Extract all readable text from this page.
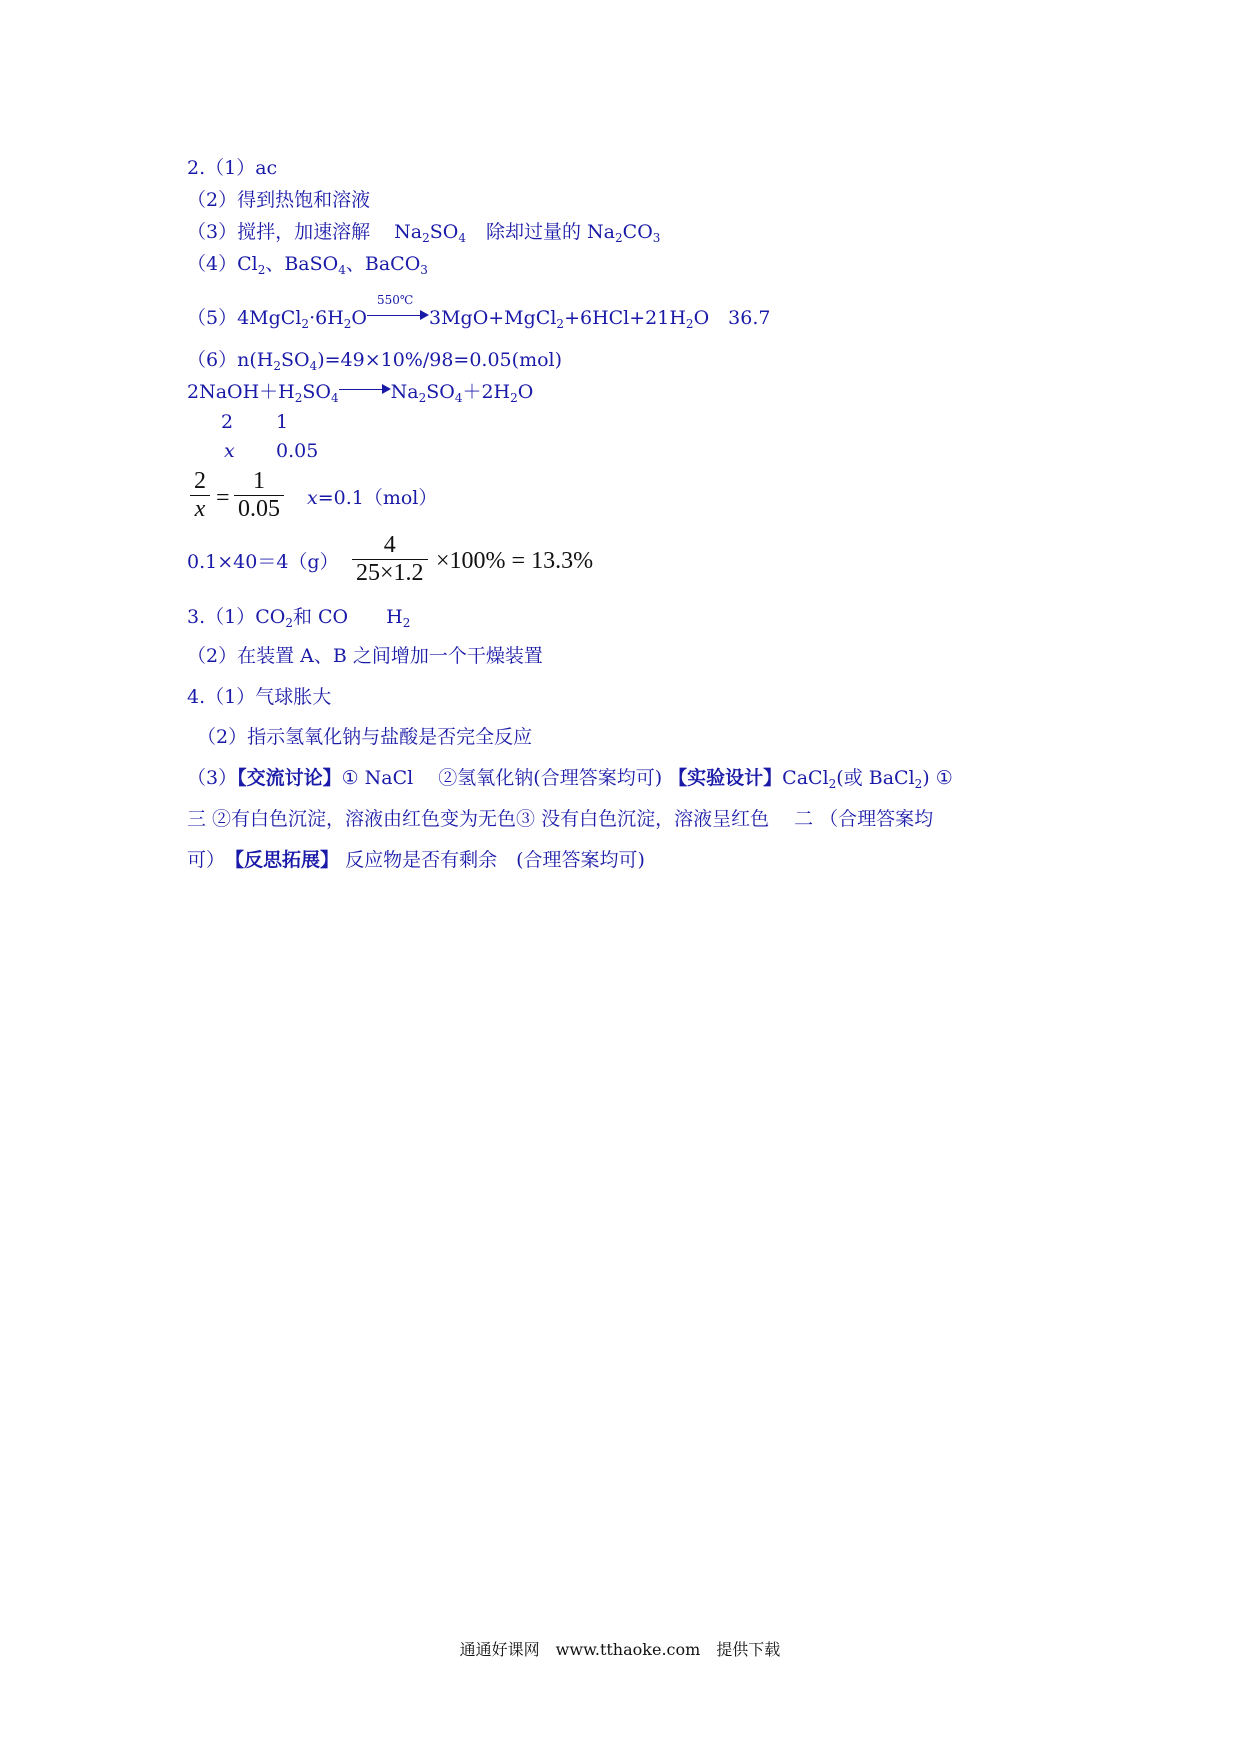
2.（1）ac
（2）得到热饱和溶液
（3）搅拌，加速溶解 $Na_2SO_4$ 除却过量的 $Na_2CO_3$
$(4)Cl_2$、BaSO$_4$、BaCO$_3$
$(5)4MgCl_2\cdot 6H_2O$
550℃
$3MgO+MgCl_2+6HCl+21H_2O$　36.7
$(6)n(H_2SO_4)=49\times 10\%/98=0.05(mol)$
$2NaOH+H_2SO_4$	$Na_2SO_4+2H_2O$
2 1
x 0.05
2
x =
1
0.05 x=0.1（mol）
0.1×40＝4（g）
4
25×1.2 ×100% = 13.3%
$3.(1)CO_2$和 CO　　$H_2$
（2）在装置 A、B 之间增加一个干燥装置
4.（1）气球胀大
（2）指示氢氧化钠与盐酸是否完全反应
（3）【交流讨论】① NaCl　 ②氢氧化钠(合理答案均可) 【实验设计】CaCl$_2$(或 BaCl$_2$) ①
三 ②有白色沉淀，溶液由红色变为无色③ 没有白色沉淀，溶液呈红色　 二 （合理答案均
可）　【反思拓展】 反应物是否有剩余　(合理答案均可)
通通好课网　www.tthaoke.com　提供下载
